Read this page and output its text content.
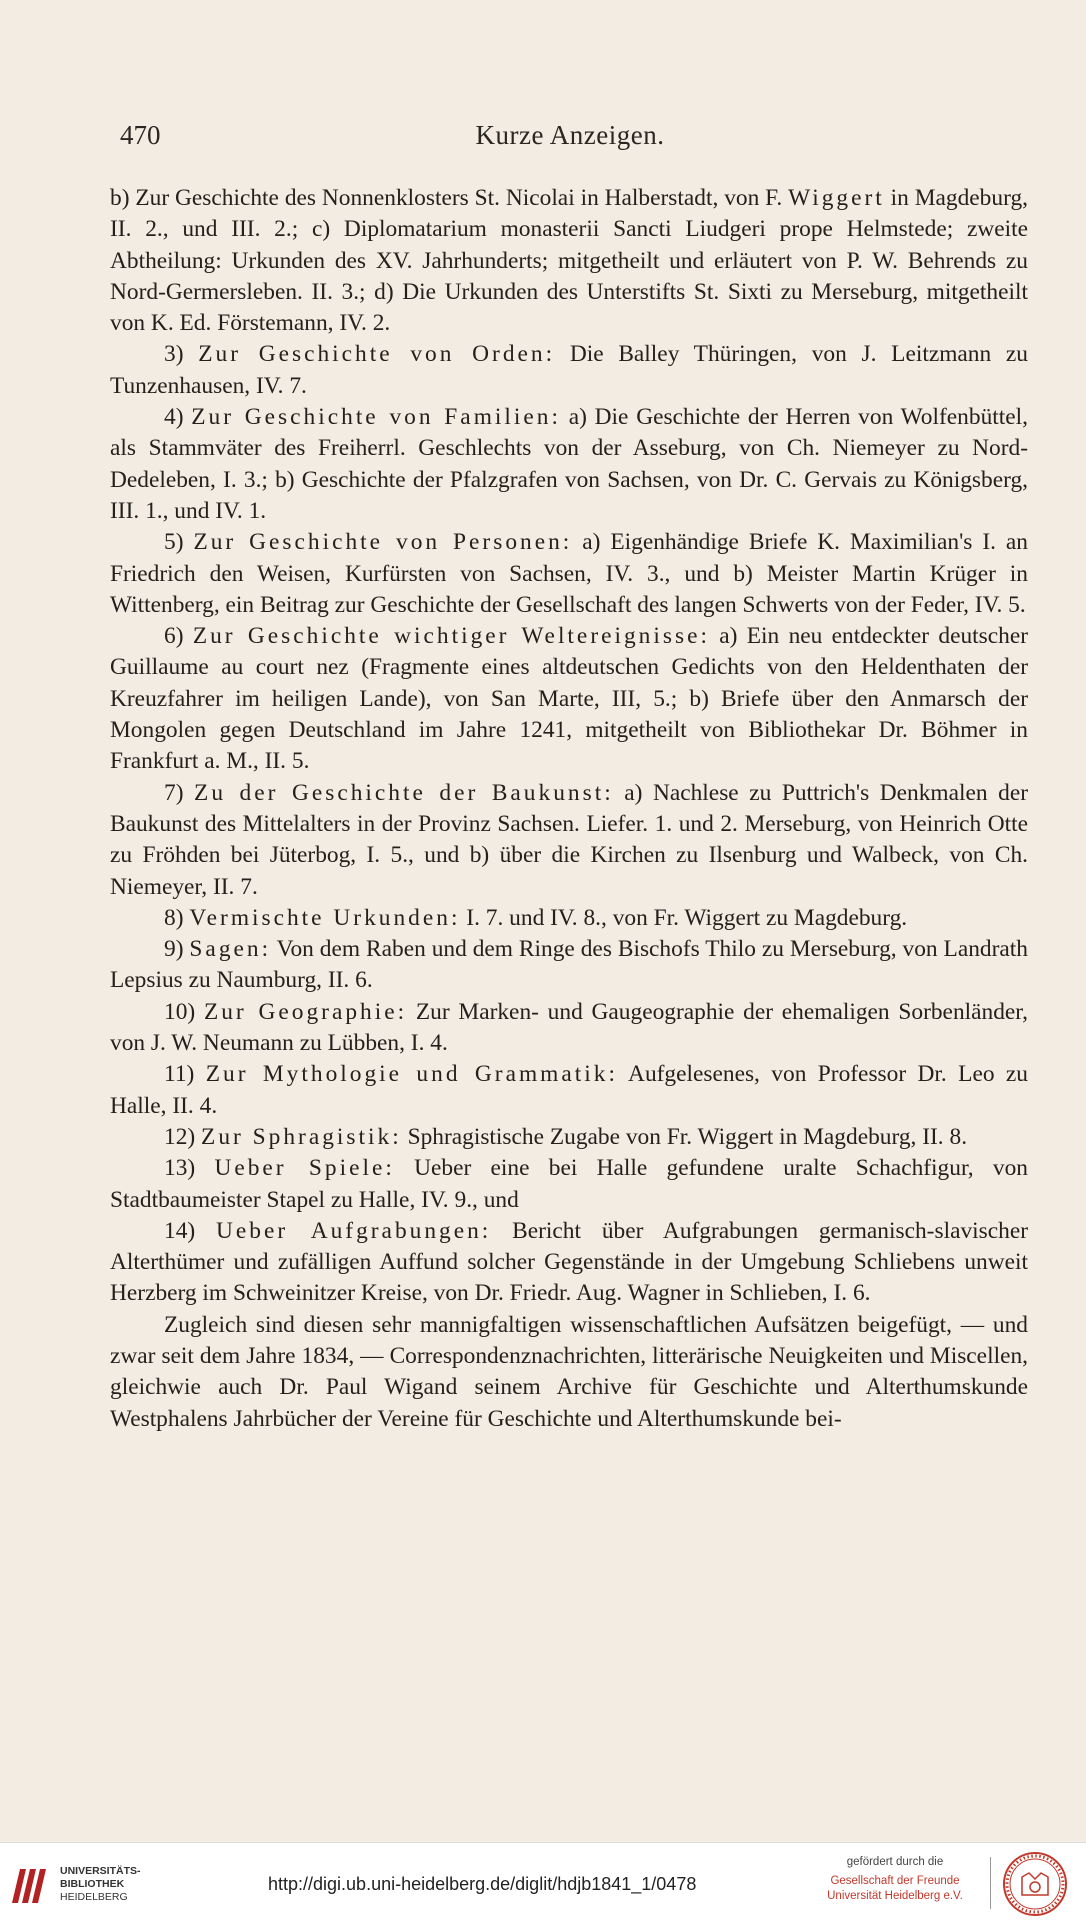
470	Kurze Anzeigen.

b) Zur Geschichte des Nonnenklosters St. Nicolai in Halberstadt, von F. Wiggert in Magdeburg, II. 2., und III. 2.; c) Diplomatarium monasterii Sancti Liudgeri prope Helmstede; zweite Abtheilung: Urkunden des XV. Jahrhunderts; mitgetheilt und erläutert von P. W. Behrends zu Nord-Germersleben. II. 3.; d) Die Urkunden des Unterstifts St. Sixti zu Merseburg, mitgetheilt von K. Ed. Förstemann, IV. 2.

3) Zur Geschichte von Orden: Die Balley Thüringen, von J. Leitzmann zu Tunzenhausen, IV. 7.

4) Zur Geschichte von Familien: a) Die Geschichte der Herren von Wolfenbüttel, als Stammväter des Freiherrl. Geschlechts von der Asseburg, von Ch. Niemeyer zu Nord-Dedeleben, I. 3.; b) Geschichte der Pfalzgrafen von Sachsen, von Dr. C. Gervais zu Königsberg, III. 1., und IV. 1.

5) Zur Geschichte von Personen: a) Eigenhändige Briefe K. Maximilian's I. an Friedrich den Weisen, Kurfürsten von Sachsen, IV. 3., und b) Meister Martin Krüger in Wittenberg, ein Beitrag zur Geschichte der Gesellschaft des langen Schwerts von der Feder, IV. 5.

6) Zur Geschichte wichtiger Weltereignisse: a) Ein neu entdeckter deutscher Guillaume au court nez (Fragmente eines altdeutschen Gedichts von den Heldenthaten der Kreuzfahrer im heiligen Lande), von San Marte, III, 5.; b) Briefe über den Anmarsch der Mongolen gegen Deutschland im Jahre 1241, mitgetheilt von Bibliothekar Dr. Böhmer in Frankfurt a. M., II. 5.

7) Zu der Geschichte der Baukunst: a) Nachlese zu Puttrich's Denkmalen der Baukunst des Mittelalters in der Provinz Sachsen. Liefer. 1. und 2. Merseburg, von Heinrich Otte zu Fröhden bei Jüterbog, I. 5., und b) über die Kirchen zu Ilsenburg und Walbeck, von Ch. Niemeyer, II. 7.

8) Vermischte Urkunden: I. 7. und IV. 8., von Fr. Wiggert zu Magdeburg.

9) Sagen: Von dem Raben und dem Ringe des Bischofs Thilo zu Merseburg, von Landrath Lepsius zu Naumburg, II. 6.

10) Zur Geographie: Zur Marken- und Gaugeographie der ehemaligen Sorbenländer, von J. W. Neumann zu Lübben, I. 4.

11) Zur Mythologie und Grammatik: Aufgelesenes, von Professor Dr. Leo zu Halle, II. 4.

12) Zur Sphragistik: Sphragistische Zugabe von Fr. Wiggert in Magdeburg, II. 8.

13) Ueber Spiele: Ueber eine bei Halle gefundene uralte Schachfigur, von Stadtbaumeister Stapel zu Halle, IV. 9., und

14) Ueber Aufgrabungen: Bericht über Aufgrabungen germanisch-slavischer Alterthümer und zufälligen Auffund solcher Gegenstände in der Umgebung Schliebens unweit Herzberg im Schweinitzer Kreise, von Dr. Friedr. Aug. Wagner in Schlieben, I. 6.

Zugleich sind diesen sehr mannigfaltigen wissenschaftlichen Aufsätzen beigefügt, — und zwar seit dem Jahre 1834, — Correspondenznachrichten, litterärische Neuigkeiten und Miscellen, gleichwie auch Dr. Paul Wigand seinem Archive für Geschichte und Alterthumskunde Westphalens Jahrbücher der Vereine für Geschichte und Alterthumskunde bei-

UNIVERSITÄTS-
BIBLIOTHEK
HEIDELBERG
http://digi.ub.uni-heidelberg.de/diglit/hdjb1841_1/0478
gefördert durch die
Gesellschaft der Freunde
Universität Heidelberg e.V.
